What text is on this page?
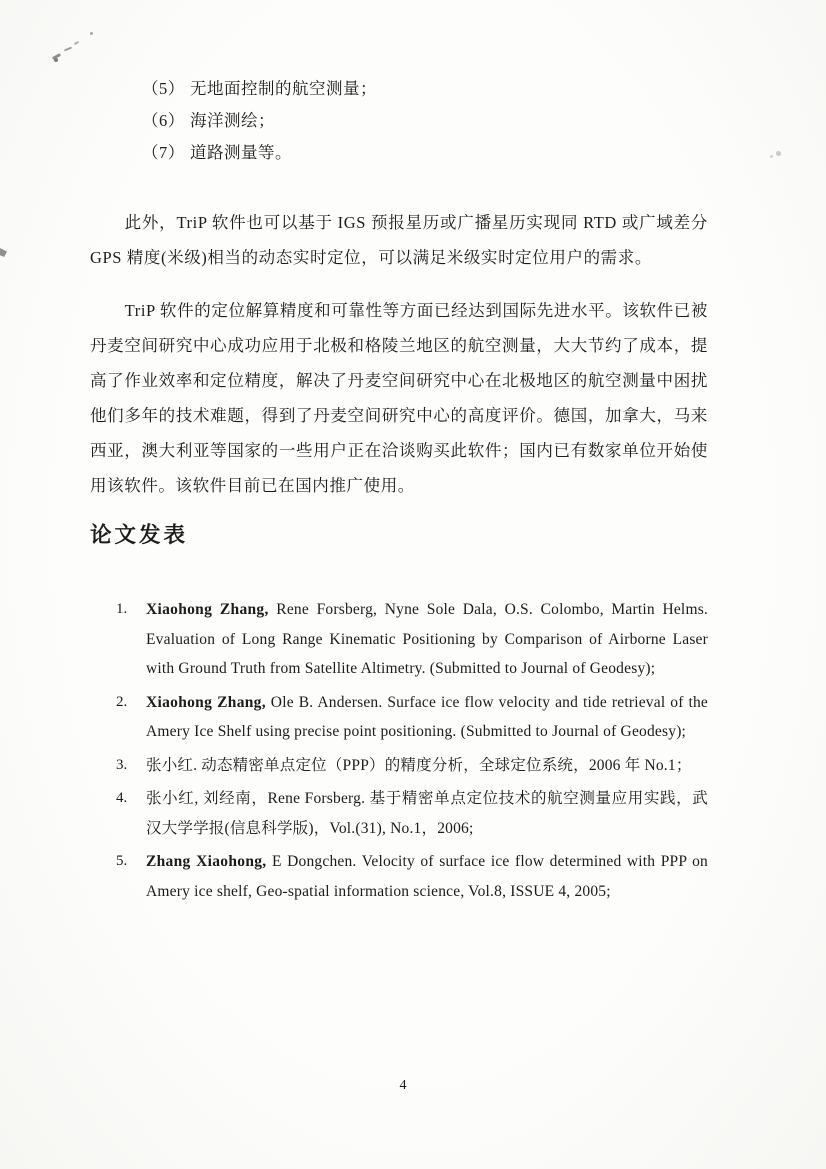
（5） 无地面控制的航空测量；
（6） 海洋测绘；
（7） 道路测量等。

此外，TriP 软件也可以基于 IGS 预报星历或广播星历实现同 RTD 或广域差分 GPS 精度(米级)相当的动态实时定位，可以满足米级实时定位用户的需求。

TriP 软件的定位解算精度和可靠性等方面已经达到国际先进水平。该软件已被丹麦空间研究中心成功应用于北极和格陵兰地区的航空测量，大大节约了成本，提高了作业效率和定位精度，解决了丹麦空间研究中心在北极地区的航空测量中困扰他们多年的技术难题，得到了丹麦空间研究中心的高度评价。德国，加拿大，马来西亚，澳大利亚等国家的一些用户正在洽谈购买此软件；国内已有数家单位开始使用该软件。该软件目前已在国内推广使用。

论文发表
1.	Xiaohong Zhang, Rene Forsberg, Nyne Sole Dala, O.S. Colombo, Martin Helms. Evaluation of Long Range Kinematic Positioning by Comparison of Airborne Laser with Ground Truth from Satellite Altimetry. (Submitted to Journal of Geodesy);
2.	Xiaohong Zhang, Ole B. Andersen. Surface ice flow velocity and tide retrieval of the Amery Ice Shelf using precise point positioning. (Submitted to Journal of Geodesy);
3.	张小红. 动态精密单点定位（PPP）的精度分析，全球定位系统，2006 年 No.1；
4.	张小红, 刘经南，Rene Forsberg. 基于精密单点定位技术的航空测量应用实践，武汉大学学报(信息科学版)，Vol.(31), No.1，2006;
5.	Zhang Xiaohong, E Dongchen. Velocity of surface ice flow determined with PPP on Amery ice shelf, Geo-spatial information science, Vol.8, ISSUE 4, 2005;
4
